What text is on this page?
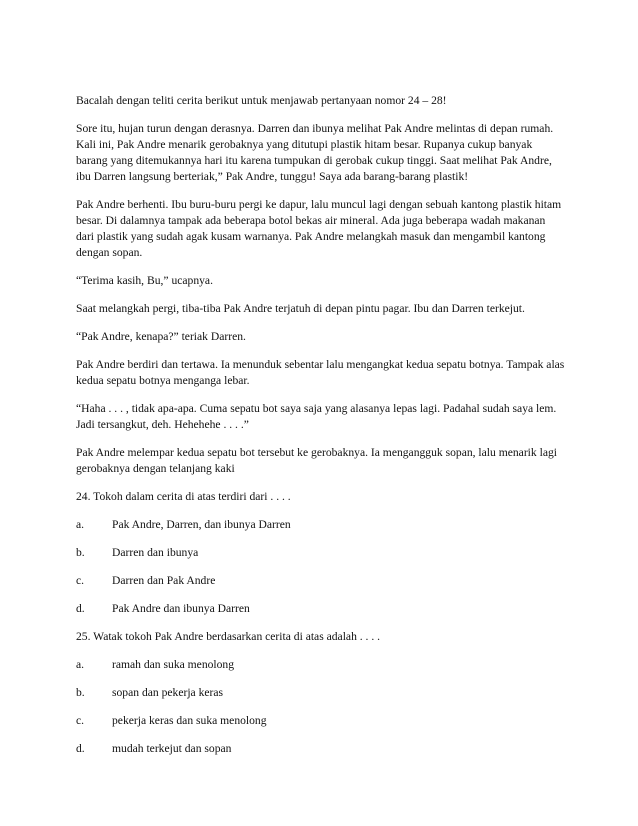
Bacalah dengan teliti cerita berikut untuk menjawab pertanyaan nomor 24 – 28!

Sore itu, hujan turun dengan derasnya. Darren dan ibunya melihat Pak Andre melintas di depan rumah. Kali ini, Pak Andre menarik gerobaknya yang ditutupi plastik hitam besar. Rupanya cukup banyak barang yang ditemukannya hari itu karena tumpukan di gerobak cukup tinggi. Saat melihat Pak Andre, ibu Darren langsung berteriak,” Pak Andre, tunggu! Saya ada barang-barang plastik!

Pak Andre berhenti. Ibu buru-buru pergi ke dapur, lalu muncul lagi dengan sebuah kantong plastik hitam besar. Di dalamnya tampak ada beberapa botol bekas air mineral. Ada juga beberapa wadah makanan dari plastik yang sudah agak kusam warnanya. Pak Andre melangkah masuk dan mengambil kantong dengan sopan.

“Terima kasih, Bu,” ucapnya.

Saat melangkah pergi, tiba-tiba Pak Andre terjatuh di depan pintu pagar. Ibu dan Darren terkejut.

“Pak Andre, kenapa?” teriak Darren.

Pak Andre berdiri dan tertawa. Ia menunduk sebentar lalu mengangkat kedua sepatu botnya. Tampak alas kedua sepatu botnya menganga lebar.

“Haha . . . , tidak apa-apa. Cuma sepatu bot saya saja yang alasanya lepas lagi. Padahal sudah saya lem. Jadi tersangkut, deh. Hehehehe . . . .”

Pak Andre melempar kedua sepatu bot tersebut ke gerobaknya. Ia mengangguk sopan, lalu menarik lagi gerobaknya dengan telanjang kaki

24. Tokoh dalam cerita di atas terdiri dari . . . .

a.	Pak Andre, Darren, dan ibunya Darren
b.	Darren dan ibunya
c.	Darren dan Pak Andre
d.	Pak Andre dan ibunya Darren

25. Watak tokoh Pak Andre berdasarkan cerita di atas adalah . . . .

a.	ramah dan suka menolong
b.	sopan dan pekerja keras
c.	pekerja keras dan suka menolong
d.	mudah terkejut dan sopan
